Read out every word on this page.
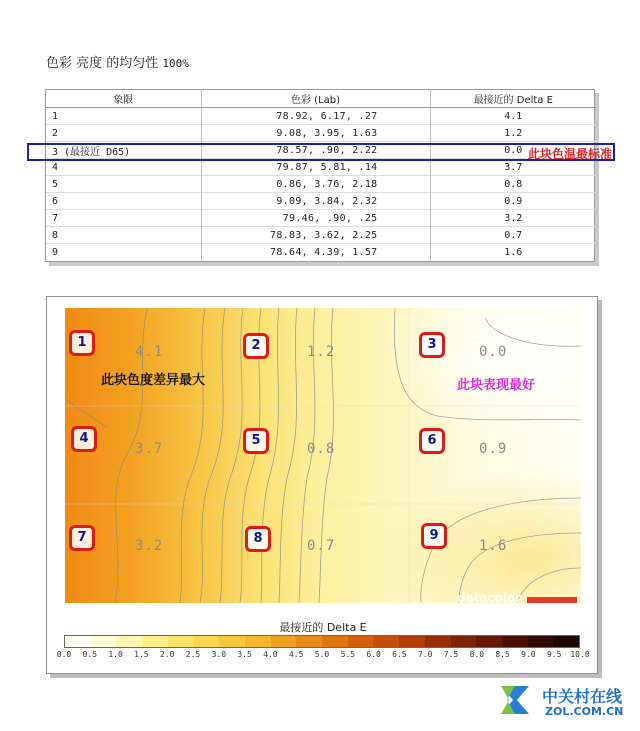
色彩 亮度 的均匀性 100%
象限	色彩 (Lab)	最接近的 Delta E
1	78.92, 6.17, .27	4.1
2	9.08, 3.95, 1.63	1.2
3 (最接近 D65)	78.57, .90, 2.22	0.0
4	79.87, 5.81, .14	3.7
5	0.86, 3.76, 2.18	0.8
6	9.09, 3.84, 2.32	0.9
7	79.46, .90, .25	3.2
8	78.83, 3.62, 2.25	0.7
9	78.64, 4.39, 1.57	1.6
此块色温最标准
1	2	3
4	5	6
7	8	9
4.1	1.2	0.0
3.7	0.8	0.9
3.2	0.7	1.6
此块色度差异最大	此块表现最好
datacolor
最接近的 Delta E
0.0 0.5 1.0 1.5 2.0 2.5 3.0 3.5 4.0 4.5 5.0 5.5 6.0 6.5 7.0 7.5 8.0 8.5 9.0 9.5 10.0
中关村在线
ZOL.COM.CN
